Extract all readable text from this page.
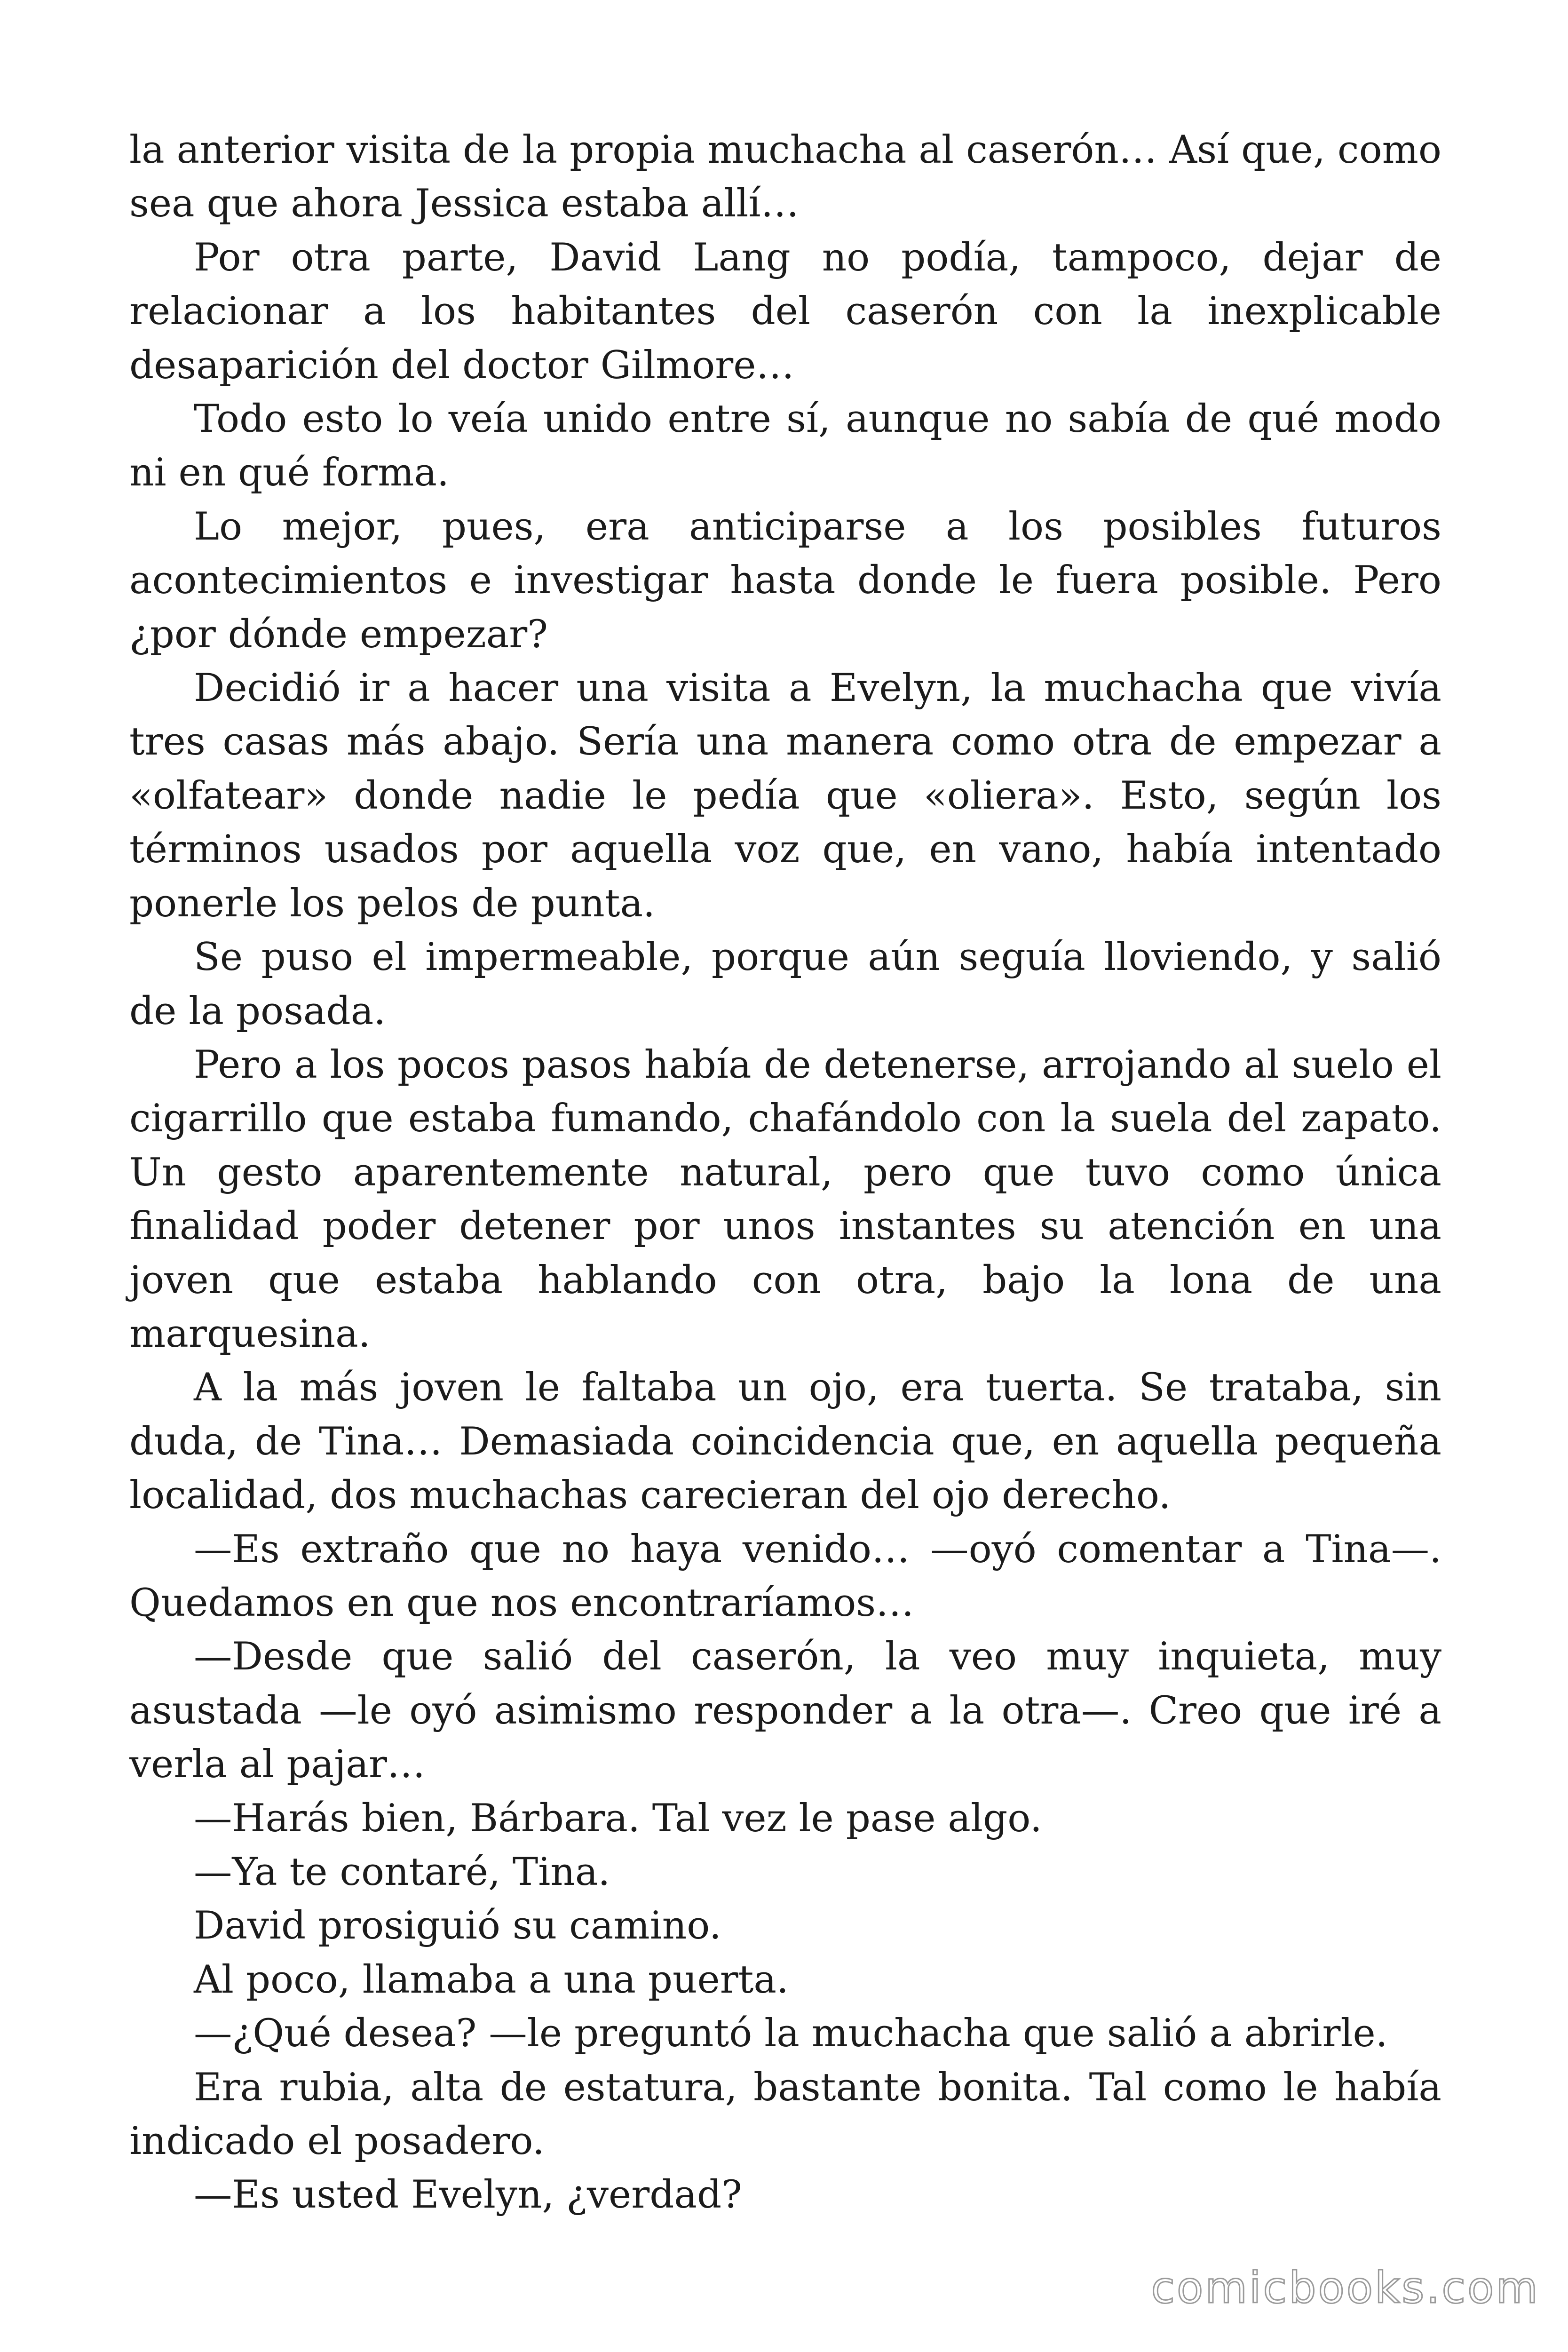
la anterior visita de la propia muchacha al caserón… Así que, como sea que ahora Jessica estaba allí…

Por otra parte, David Lang no podía, tampoco, dejar de relacionar a los habitantes del caserón con la inexplicable desaparición del doctor Gilmore…

Todo esto lo veía unido entre sí, aunque no sabía de qué modo ni en qué forma.

Lo mejor, pues, era anticiparse a los posibles futuros acontecimientos e investigar hasta donde le fuera posible. Pero ¿por dónde empezar?

Decidió ir a hacer una visita a Evelyn, la muchacha que vivía tres casas más abajo. Sería una manera como otra de empezar a «olfatear» donde nadie le pedía que «oliera». Esto, según los términos usados por aquella voz que, en vano, había intentado ponerle los pelos de punta.

Se puso el impermeable, porque aún seguía lloviendo, y salió de la posada.

Pero a los pocos pasos había de detenerse, arrojando al suelo el cigarrillo que estaba fumando, chafándolo con la suela del zapato. Un gesto aparentemente natural, pero que tuvo como única finalidad poder detener por unos instantes su atención en una joven que estaba hablando con otra, bajo la lona de una marquesina.

A la más joven le faltaba un ojo, era tuerta. Se trataba, sin duda, de Tina… Demasiada coincidencia que, en aquella pequeña localidad, dos muchachas carecieran del ojo derecho.

—Es extraño que no haya venido… —oyó comentar a Tina—. Quedamos en que nos encontraríamos…

—Desde que salió del caserón, la veo muy inquieta, muy asustada —le oyó asimismo responder a la otra—. Creo que iré a verla al pajar…

—Harás bien, Bárbara. Tal vez le pase algo.

—Ya te contaré, Tina.

David prosiguió su camino.

Al poco, llamaba a una puerta.

—¿Qué desea? —le preguntó la muchacha que salió a abrirle.

Era rubia, alta de estatura, bastante bonita. Tal como le había indicado el posadero.

—Es usted Evelyn, ¿verdad?

comicbooks.com
